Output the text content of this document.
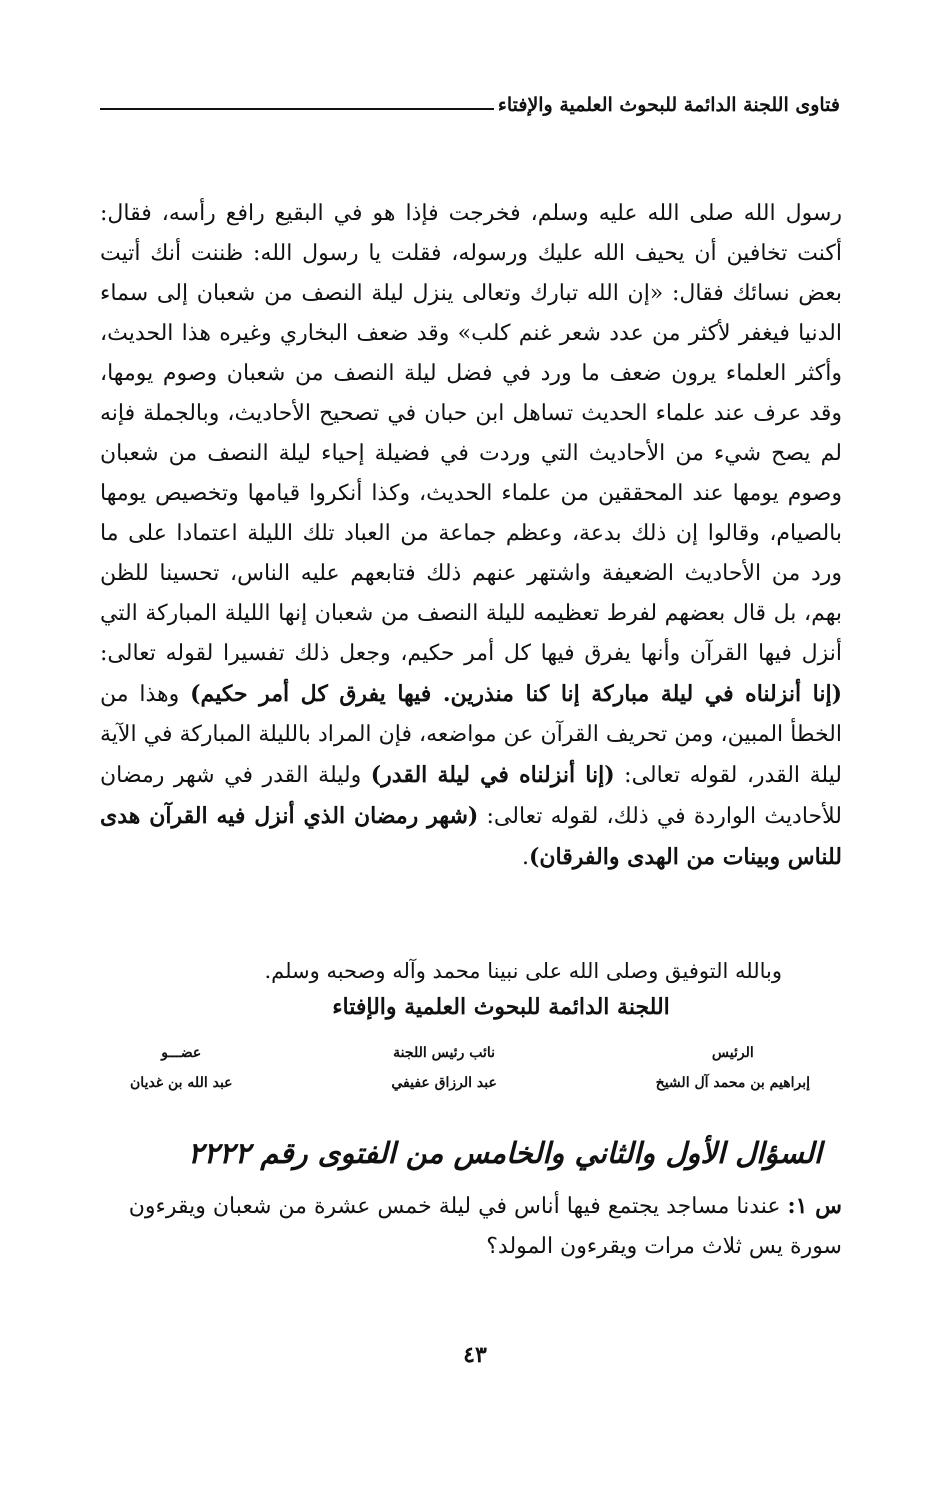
فتاوى اللجنة الدائمة للبحوث العلمية والإفتاء

رسول الله صلى الله عليه وسلم، فخرجت فإذا هو في البقيع رافع رأسه، فقال: أكنت تخافين أن يحيف الله عليك ورسوله، فقلت يا رسول الله: ظننت أنك أتيت بعض نسائك فقال: «إن الله تبارك وتعالى ينزل ليلة النصف من شعبان إلى سماء الدنيا فيغفر لأكثر من عدد شعر غنم كلب» وقد ضعف البخاري وغيره هذا الحديث، وأكثر العلماء يرون ضعف ما ورد في فضل ليلة النصف من شعبان وصوم يومها، وقد عرف عند علماء الحديث تساهل ابن حبان في تصحيح الأحاديث، وبالجملة فإنه لم يصح شيء من الأحاديث التي وردت في فضيلة إحياء ليلة النصف من شعبان وصوم يومها عند المحققين من علماء الحديث، وكذا أنكروا قيامها وتخصيص يومها بالصيام، وقالوا إن ذلك بدعة، وعظم جماعة من العباد تلك الليلة اعتمادا على ما ورد من الأحاديث الضعيفة واشتهر عنهم ذلك فتابعهم عليه الناس، تحسينا للظن بهم، بل قال بعضهم لفرط تعظيمه لليلة النصف من شعبان إنها الليلة المباركة التي أنزل فيها القرآن وأنها يفرق فيها كل أمر حكيم، وجعل ذلك تفسيرا لقوله تعالى: (إنا أنزلناه في ليلة مباركة إنا كنا منذرين. فيها يفرق كل أمر حكيم) وهذا من الخطأ المبين، ومن تحريف القرآن عن مواضعه، فإن المراد بالليلة المباركة في الآية ليلة القدر، لقوله تعالى: (إنا أنزلناه في ليلة القدر) وليلة القدر في شهر رمضان للأحاديث الواردة في ذلك، لقوله تعالى: (شهر رمضان الذي أنزل فيه القرآن هدى للناس وبينات من الهدى والفرقان).

وبالله التوفيق وصلى الله على نبينا محمد وآله وصحبه وسلم.

اللجنة الدائمة للبحوث العلمية والإفتاء

الرئيس
إبراهيم بن محمد آل الشيخ
نائب رئيس اللجنة
عبد الرزاق عفيفي
عضـــو
عبد الله بن غديان
السؤال الأول والثاني والخامس من الفتوى رقم ٢٢٢٢

س ١: عندنا مساجد يجتمع فيها أناس في ليلة خمس عشرة من شعبان ويقرءون سورة يس ثلاث مرات ويقرءون المولد؟

٤٣
